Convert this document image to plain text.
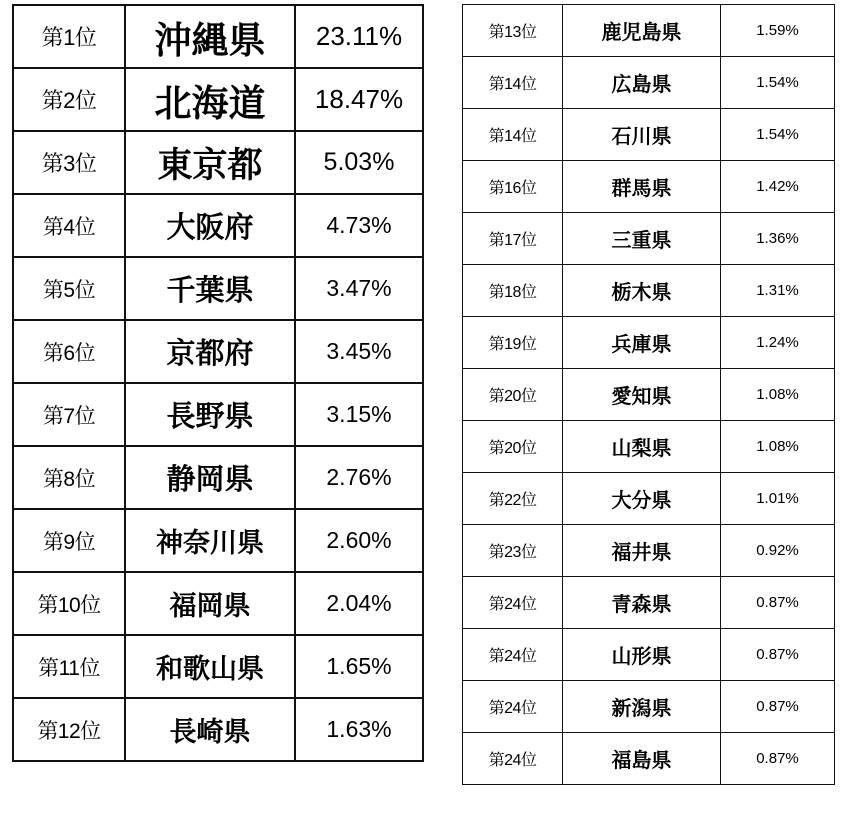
第1位	沖縄県	23.11%
第2位	北海道	18.47%
第3位	東京都	5.03%
第4位	大阪府	4.73%
第5位	千葉県	3.47%
第6位	京都府	3.45%
第7位	長野県	3.15%
第8位	静岡県	2.76%
第9位	神奈川県	2.60%
第10位	福岡県	2.04%
第11位	和歌山県	1.65%
第12位	長崎県	1.63%
第13位	鹿児島県	1.59%
第14位	広島県	1.54%
第14位	石川県	1.54%
第16位	群馬県	1.42%
第17位	三重県	1.36%
第18位	栃木県	1.31%
第19位	兵庫県	1.24%
第20位	愛知県	1.08%
第20位	山梨県	1.08%
第22位	大分県	1.01%
第23位	福井県	0.92%
第24位	青森県	0.87%
第24位	山形県	0.87%
第24位	新潟県	0.87%
第24位	福島県	0.87%
